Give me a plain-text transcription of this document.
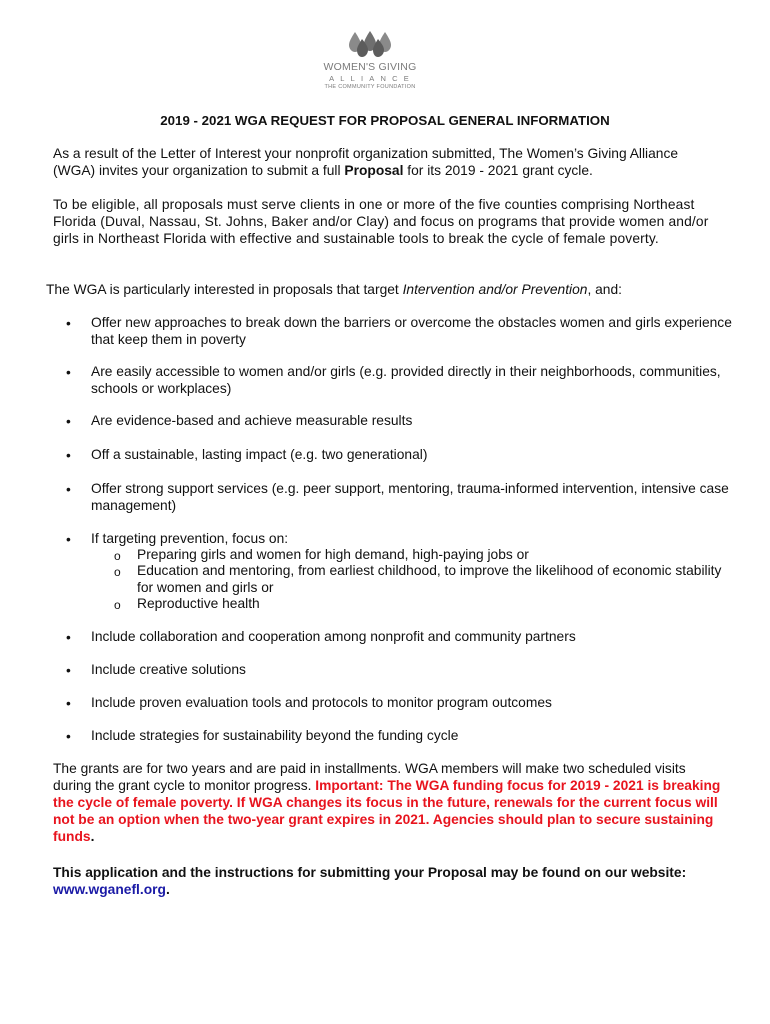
WOMEN'S GIVING
ALLIANCE
THE COMMUNITY FOUNDATION
2019 - 2021 WGA REQUEST FOR PROPOSAL GENERAL INFORMATION

As a result of the Letter of Interest your nonprofit organization submitted, The Women’s Giving Alliance (WGA) invites your organization to submit a full Proposal for its 2019 - 2021 grant cycle.

To be eligible, all proposals must serve clients in one or more of the five counties comprising Northeast Florida (Duval, Nassau, St. Johns, Baker and/or Clay) and focus on programs that provide women and/or girls in Northeast Florida with effective and sustainable tools to break the cycle of female poverty.

The WGA is particularly interested in proposals that target Intervention and/or Prevention, and:

• Offer new approaches to break down the barriers or overcome the obstacles women and girls experience that keep them in poverty

• Are easily accessible to women and/or girls (e.g. provided directly in their neighborhoods, communities, schools or workplaces)

• Are evidence-based and achieve measurable results

• Off a sustainable, lasting impact (e.g. two generational)

• Offer strong support services (e.g. peer support, mentoring, trauma-informed intervention, intensive case management)

• If targeting prevention, focus on:

o Preparing girls and women for high demand, high-paying jobs or

o Education and mentoring, from earliest childhood, to improve the likelihood of economic stability for women and girls or

o Reproductive health

• Include collaboration and cooperation among nonprofit and community partners

• Include creative solutions

• Include proven evaluation tools and protocols to monitor program outcomes

• Include strategies for sustainability beyond the funding cycle

The grants are for two years and are paid in installments. WGA members will make two scheduled visits during the grant cycle to monitor progress. Important: The WGA funding focus for 2019 - 2021 is breaking the cycle of female poverty. If WGA changes its focus in the future, renewals for the current focus will not be an option when the two-year grant expires in 2021. Agencies should plan to secure sustaining funds.

This application and the instructions for submitting your Proposal may be found on our website: www.wganefl.org.
